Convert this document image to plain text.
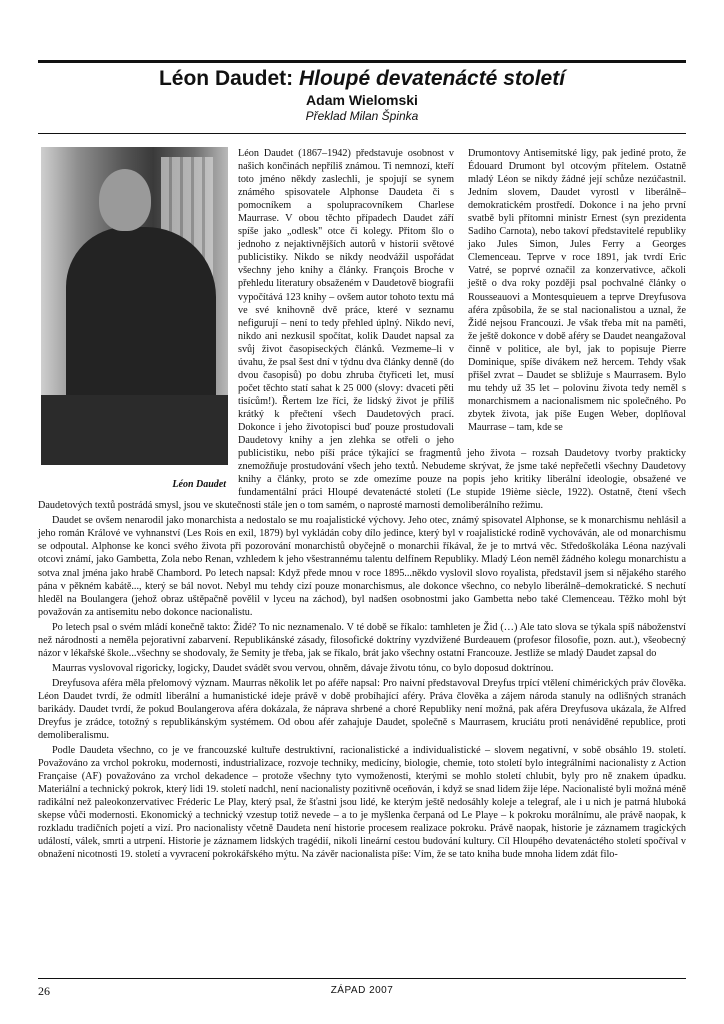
Léon Daudet: Hloupé devatenácté století
Adam Wielomski
Překlad Milan Špinka

Drumontovy Antisemitské ligy, pak jediné proto, že Édouard Drumont byl otcovým přítelem. Ostatně mladý Léon se nikdy žádné její schůze nezúčastnil. Jedním slovem, Daudet vyrostl v liberálně–demokratickém prostředí. Dokonce i na jeho první svatbě byli přítomni ministr Ernest (syn prezidenta Sadiho Carnota), nebo takoví představitelé republiky jako Jules Simon, Jules Ferry a Georges Clemenceau. Teprve v roce 1891, jak tvrdí Eric Vatré, se poprvé označil za konzervativce, ačkoli ještě o dva roky později psal pochvalné články o Rousseauovi a Montesquieuem a teprve Dreyfusova aféra způsobila, že se stal nacionalistou a uznal, že Židé nejsou Francouzi. Je však třeba mít na paměti, že ještě dokonce v době aféry se Daudet neangažoval činně v politice, ale byl, jak to popisuje Pierre Dominique, spíše divákem než hercem. Tehdy však přišel zvrat – Daudet se sbližuje s Maurrasem. Bylo mu tehdy už 35 let – polovinu života tedy neměl s monarchismem a nacionalismem nic společného. Po zbytek života, jak píše Eugen Weber, doplňoval Maurrase – tam, kde se

Léon Daudet

Léon Daudet (1867–1942) představuje osobnost v našich končinách nepříliš známou. Ti nemnozí, kteří toto jméno někdy zaslechli, je spojují se synem známého spisovatele Alphonse Daudeta či s pomocníkem a spolupracovníkem Charlese Maurrase. V obou těchto případech Daudet září spíše jako „odlesk" otce či kolegy. Přitom šlo o jednoho z nejaktivnějších autorů v historii světové publicistiky. Nikdo se nikdy neodvážil uspořádat všechny jeho knihy a články. François Broche v přehledu literatury obsaženém v Daudetově biografii vypočítává 123 knihy – ovšem autor tohoto textu má ve své knihovně dvě práce, které v seznamu nefigurují – není to tedy přehled úplný. Nikdo neví, nikdo ani nezkusil spočítat, kolik Daudet napsal za svůj život časopiseckých článků. Vezmeme–li v úvahu, že psal šest dní v týdnu dva články denně (do dvou časopisů) po dobu zhruba čtyřiceti let, musí počet těchto statí sahat k 25 000 (slovy: dvaceti pěti tisícům!). Řertem lze říci, že lidský život je příliš krátký k přečtení všech Daudetových prací. Dokonce i jeho životopisci buď pouze prostudovali Daudetovy knihy a jen zlehka se otřeli o jeho publicistiku, nebo píší práce týkající se fragmentů jeho života – rozsah Daudetovy tvorby prakticky znemožňuje prostudování všech jeho textů. Nebudeme skrývat, že jsme také nepřečetli všechny Daudetovy knihy a články, proto se zde omezíme pouze na popis jeho kritiky liberální ideologie, obsažené ve fundamentální práci Hloupé devatenácté století (Le stupide 19ième siècle, 1922). Ostatně, čtení všech Daudetových textů postrádá smysl, jsou ve skutečnosti stále jen o tom samém, o naprosté marnosti demoliberálního režimu.

Daudet se ovšem nenarodil jako monarchista a nedostalo se mu roajalistické výchovy. Jeho otec, známý spisovatel Alphonse, se k monarchismu nehlásil a jeho román Králové ve vyhnanství (Les Rois en exil, 1879) byl vykládán coby dílo jedince, který byl v roajalistické rodině vychováván, ale od monarchismu se odpoutal. Alphonse ke konci svého života při pozorování monarchistů obyčejně o monarchii říkával, že je to mrtvá věc. Středoškoláka Léona nazývali otcovi známí, jako Gambetta, Zola nebo Renan, vzhledem k jeho všestrannému talentu delfínem Republiky. Mladý Léon neměl žádného kolegu monarchistu a sotva znal jména jako hrabě Chambord. Po letech napsal: Když přede mnou v roce 1895...někdo vyslovil slovo royalista, představil jsem si nějakého starého pána v pěkném kabátě..., který se bál novot. Nebyl mu tehdy cizí pouze monarchismus, ale dokonce všechno, co nebylo liberálně–demokratické. S nechutí hleděl na Boulangera (jehož obraz uštěpačně povělil v lyceu na záchod), byl nadšen osobnostmi jako Gambetta nebo také Clemenceau. Těžko mohl být považován za antisemitu nebo dokonce nacionalistu.

Po letech psal o svém mládí konečně takto: Židé? To nic neznamenalo. V té době se říkalo: tamhleten je Žid (…) Ale tato slova se týkala spíš náboženství než národnosti a neměla pejorativní zabarvení. Republikánské zásady, filosofické doktríny vyzdvižené Burdeauem (profesor filosofie, pozn. aut.), všeobecný názor v lékařské škole...všechny se shodovaly, že Semity je třeba, jak se říkalo, brát jako všechny ostatní Francouze. Jestliže se mladý Daudet zapsal do

Maurras vyslovoval rigoricky, logicky, Daudet svádět svou vervou, ohněm, dávaje životu tónu, co bylo doposud doktrínou.

Dreyfusova aféra měla přelomový význam. Maurras několik let po aféře napsal: Pro naivní představoval Dreyfus trpící vtělení chimérických práv člověka. Léon Daudet tvrdí, že odmítl liberální a humanistické ideje právě v době probíhající aféry. Práva člověka a zájem národa stanuly na odlišných stranách barikády. Daudet tvrdí, že pokud Boulangerova aféra dokázala, že náprava shrbené a choré Republiky není možná, pak aféra Dreyfusova ukázala, že Alfred Dreyfus je zrádce, totožný s republikánským systémem. Od obou afér zahajuje Daudet, společně s Maurrasem, kruciátu proti nenáviděné republice, proti demoliberalismu.

Podle Daudeta všechno, co je ve francouzské kultuře destruktivní, racionalistické a individualistické – slovem negativní, v sobě obsáhlo 19. století. Považováno za vrchol pokroku, modernosti, industrializace, rozvoje techniky, medicíny, biologie, chemie, toto století bylo integrálními nacionalisty z Action Française (AF) považováno za vrchol dekadence – protože všechny tyto vymoženosti, kterými se mohlo století chlubit, byly pro ně znakem úpadku. Materiální a technický pokrok, který lidi 19. století nadchl, není nacionalisty pozitivně oceňován, i když se snad lidem žije lépe. Nacionalisté byli možná méně radikální než paleokonzervativec Fréderic Le Play, který psal, že šťastni jsou lidé, ke kterým ještě nedosáhly koleje a telegraf, ale i u nich je patrná hluboká skepse vůči modernosti. Ekonomický a technický vzestup totiž nevede – a to je myšlenka čerpaná od Le Playe – k pokroku morálnímu, ale právě naopak, k rozkladu tradičních pojetí a vizí. Pro nacionalisty včetně Daudeta není historie procesem realizace pokroku. Právě naopak, historie je záznamem tragických událostí, válek, smrti a utrpení. Historie je záznamem lidských tragédií, nikoli lineární cestou budování kultury. Cíl Hloupého devatenáctého století spočíval v obnažení nicotnosti 19. století a vyvracení pokrokářského mýtu. Na závěr nacionalista píše: Vím, že se tato kniha bude mnoha lidem zdát filo-

26	ZÁPAD 2007
